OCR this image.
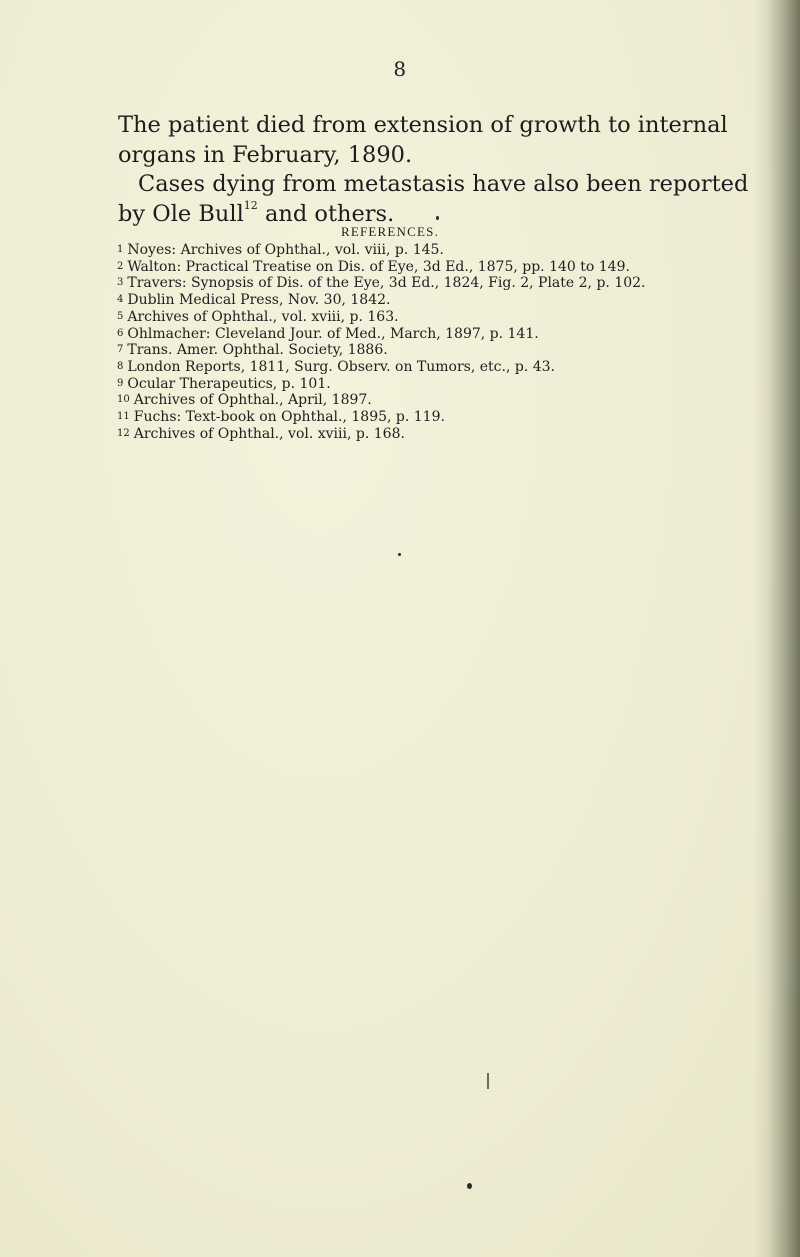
8

The patient died from extension of growth to internal organs in February, 1890.

Cases dying from metastasis have also been reported by Ole Bull$^{12}$ and others.

REFERENCES.
1 Noyes: Archives of Ophthal., vol. viii, p. 145.
2 Walton: Practical Treatise on Dis. of Eye, 3d Ed., 1875, pp. 140 to 149.
3 Travers: Synopsis of Dis. of the Eye, 3d Ed., 1824, Fig. 2, Plate 2, p. 102.
4 Dublin Medical Press, Nov. 30, 1842.
5 Archives of Ophthal., vol. xviii, p. 163.
6 Ohlmacher: Cleveland Jour. of Med., March, 1897, p. 141.
7 Trans. Amer. Ophthal. Society, 1886.
8 London Reports, 1811, Surg. Observ. on Tumors, etc., p. 43.
9 Ocular Therapeutics, p. 101.
10 Archives of Ophthal., April, 1897.
11 Fuchs: Text-book on Ophthal., 1895, p. 119.
12 Archives of Ophthal., vol. xviii, p. 168.
